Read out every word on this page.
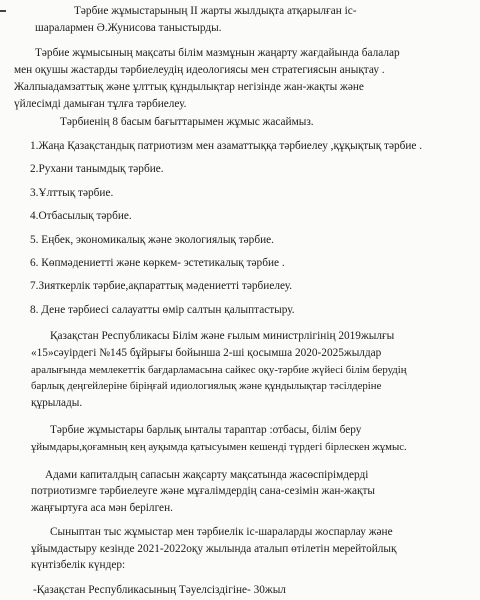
Тәрбие жұмыстарының ІІ жарты жылдықта атқарылған іс-
шаралармен Ә.Жунисова таныстырды.
Тәрбие жұмысының мақсаты білім мазмұнын жаңарту жағдайында балалар
мен оқушы жастарды тәрбиелеудің идеологиясы мен стратегиясын анықтау .
Жалпыадамзаттық және ұлттық құндылықтар негізінде жан-жақты және
үйлесімді дамыған тұлға тәрбиелеу.
Тәрбиенің 8 басым бағыттарымен жұмыс жасаймыз.
1.Жаңа Қазақстандық патриотизм мен азаматтыққа тәрбиелеу ,құқықтық тәрбие .
2.Рухани танымдық тәрбие.
3.Ұлттық тәрбие.
4.Отбасылық тәрбие.
5. Еңбек, экономикалық және экологиялық тәрбие.
6. Көпмәдениетті және көркем- эстетикалық тәрбие .
7.Зияткерлік тәрбие,ақпараттық мәдениетті тәрбиелеу.
8. Дене тәрбиесі салауатты өмір салтын қалыптастыру.
Қазақстан Республикасы Білім және ғылым министрлігінің 2019жылғы
«15»сәуірдегі №145 бұйрығы бойынша 2-ші қосымша 2020-2025жылдар
аралығында мемлекеттік бағдарламасына сайкес оқу-тәрбие жүйесі білім берудің
барлық деңгейлеріне біріңғай идиологиялық және құндылықтар тәсілдеріне
құрылады.
Тәрбие жұмыстары барлық ынталы тараптар :отбасы, білім беру
ұйымдары,қоғамның кең ауқымда қатысуымен кешенді түрдегі бірлескен жұмыс.
Адами капиталдың сапасын жақсарту мақсатында жасөспірімдерді
потриотизмге тәрбиелеуге және мұғалімдердің сана-сезімін жан-жақты
жаңғыртуға аса мән берілген.
Сыныптан тыс жұмыстар мен тәрбиелік іс-шараларды жоспарлау және
ұйымдастыру кезінде 2021-2022оқу жылында аталып өтілетін мерейтойлық
күнтізбелік күндер:
-Қазақстан Республикасының Тәуелсіздігіне- 30жыл
